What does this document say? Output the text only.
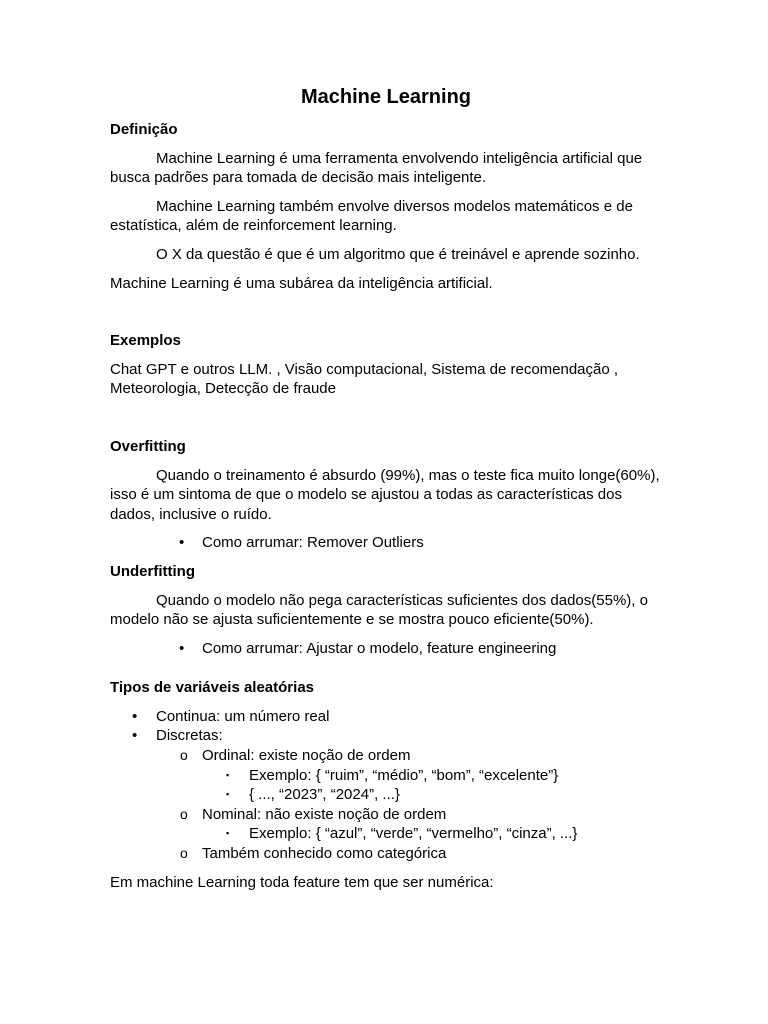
Machine Learning
Definição
Machine Learning é uma ferramenta envolvendo inteligência artificial que busca padrões para tomada de decisão mais inteligente.
Machine Learning também envolve diversos modelos matemáticos e de estatística, além de reinforcement learning.
O X da questão é que é um algoritmo que é treinável e aprende sozinho.
Machine Learning é uma subárea da inteligência artificial.
Exemplos
Chat GPT e outros LLM. , Visão computacional, Sistema de recomendação , Meteorologia, Detecção de fraude
Overfitting
Quando o treinamento é absurdo (99%), mas o teste fica muito longe(60%), isso é um sintoma de que o modelo se ajustou a todas as características dos dados, inclusive o ruído.
• Como arrumar: Remover Outliers
Underfitting
Quando o modelo não pega características suficientes dos dados(55%), o modelo não se ajusta suficientemente e se mostra pouco eficiente(50%).
• Como arrumar: Ajustar o modelo, feature engineering
Tipos de variáveis aleatórias
• Continua: um número real
• Discretas:
o Ordinal: existe noção de ordem
▪ Exemplo: { “ruim”, “médio”, “bom”, “excelente”}
▪ { ..., “2023”, “2024”, ...}
o Nominal: não existe noção de ordem
▪ Exemplo: { “azul”, “verde”, “vermelho”, “cinza”, ...}
o Também conhecido como categórica
Em machine Learning toda feature tem que ser numérica:
